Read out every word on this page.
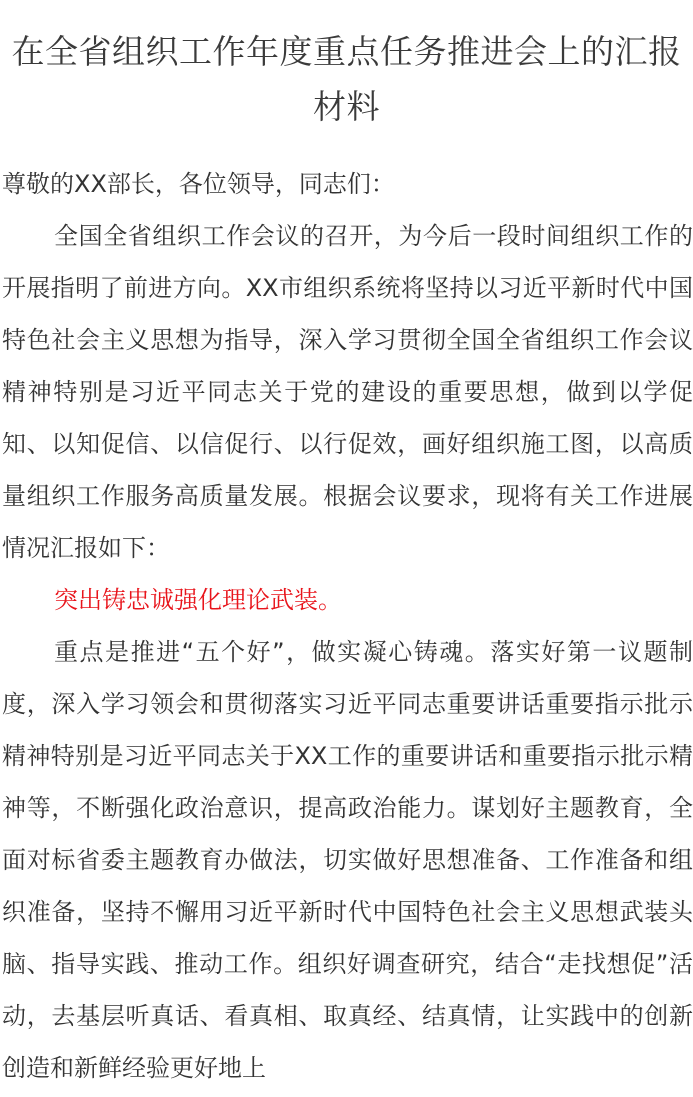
在全省组织工作年度重点任务推进会上的汇报材料

尊敬的XX部长，各位领导，同志们：

全国全省组织工作会议的召开，为今后一段时间组织工作的开展指明了前进方向。XX市组织系统将坚持以习近平新时代中国特色社会主义思想为指导，深入学习贯彻全国全省组织工作会议精神特别是习近平同志关于党的建设的重要思想，做到以学促知、以知促信、以信促行、以行促效，画好组织施工图，以高质量组织工作服务高质量发展。根据会议要求，现将有关工作进展情况汇报如下：

突出铸忠诚强化理论武装。

重点是推进“五个好”，做实凝心铸魂。落实好第一议题制度，深入学习领会和贯彻落实习近平同志重要讲话重要指示批示精神特别是习近平同志关于XX工作的重要讲话和重要指示批示精神等，不断强化政治意识，提高政治能力。谋划好主题教育，全面对标省委主题教育办做法，切实做好思想准备、工作准备和组织准备，坚持不懈用习近平新时代中国特色社会主义思想武装头脑、指导实践、推动工作。组织好调查研究，结合“走找想促”活动，去基层听真话、看真相、取真经、结真情，让实践中的创新创造和新鲜经验更好地上
